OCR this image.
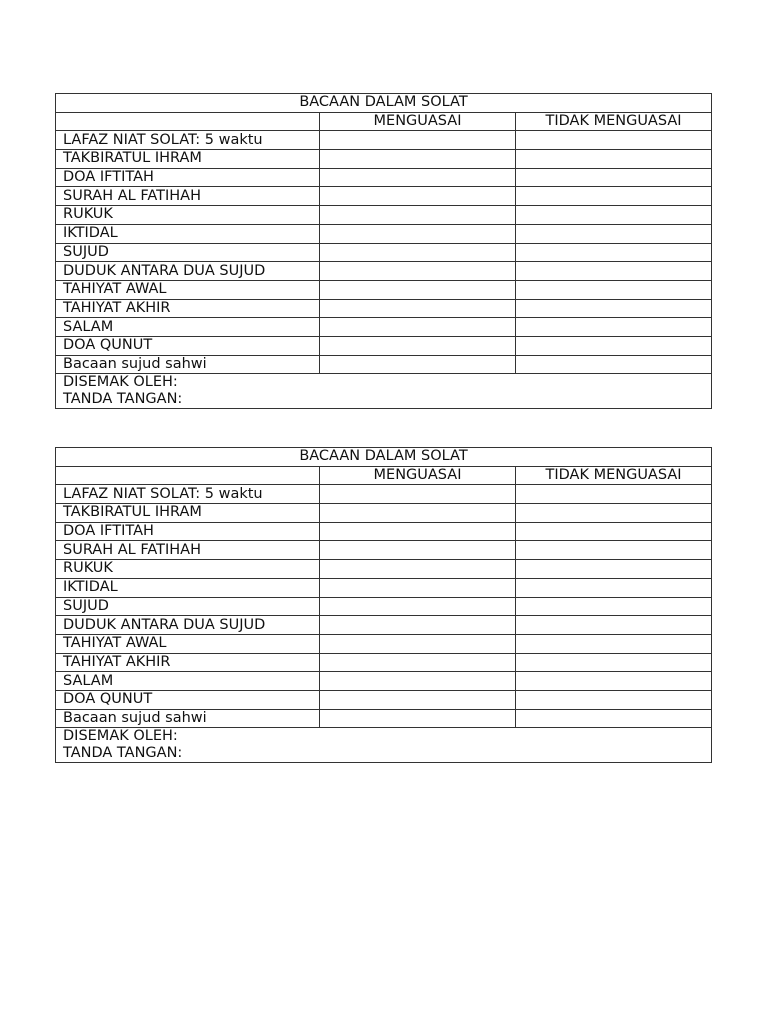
BACAAN DALAM SOLAT		
	MENGUASAI	TIDAK MENGUASAI
LAFAZ NIAT SOLAT: 5 waktu		
TAKBIRATUL IHRAM		
DOA IFTITAH		
SURAH AL FATIHAH		
RUKUK		
IKTIDAL		
SUJUD		
DUDUK ANTARA DUA SUJUD		
TAHIYAT AWAL		
TAHIYAT AKHIR		
SALAM		
DOA QUNUT		
Bacaan sujud sahwi		

DISEMAK OLEH:
TANDA TANGAN:		
BACAAN DALAM SOLAT		
	MENGUASAI	TIDAK MENGUASAI
LAFAZ NIAT SOLAT: 5 waktu		
TAKBIRATUL IHRAM		
DOA IFTITAH		
SURAH AL FATIHAH		
RUKUK		
IKTIDAL		
SUJUD		
DUDUK ANTARA DUA SUJUD		
TAHIYAT AWAL		
TAHIYAT AKHIR		
SALAM		
DOA QUNUT		
Bacaan sujud sahwi		

DISEMAK OLEH:
TANDA TANGAN:		
